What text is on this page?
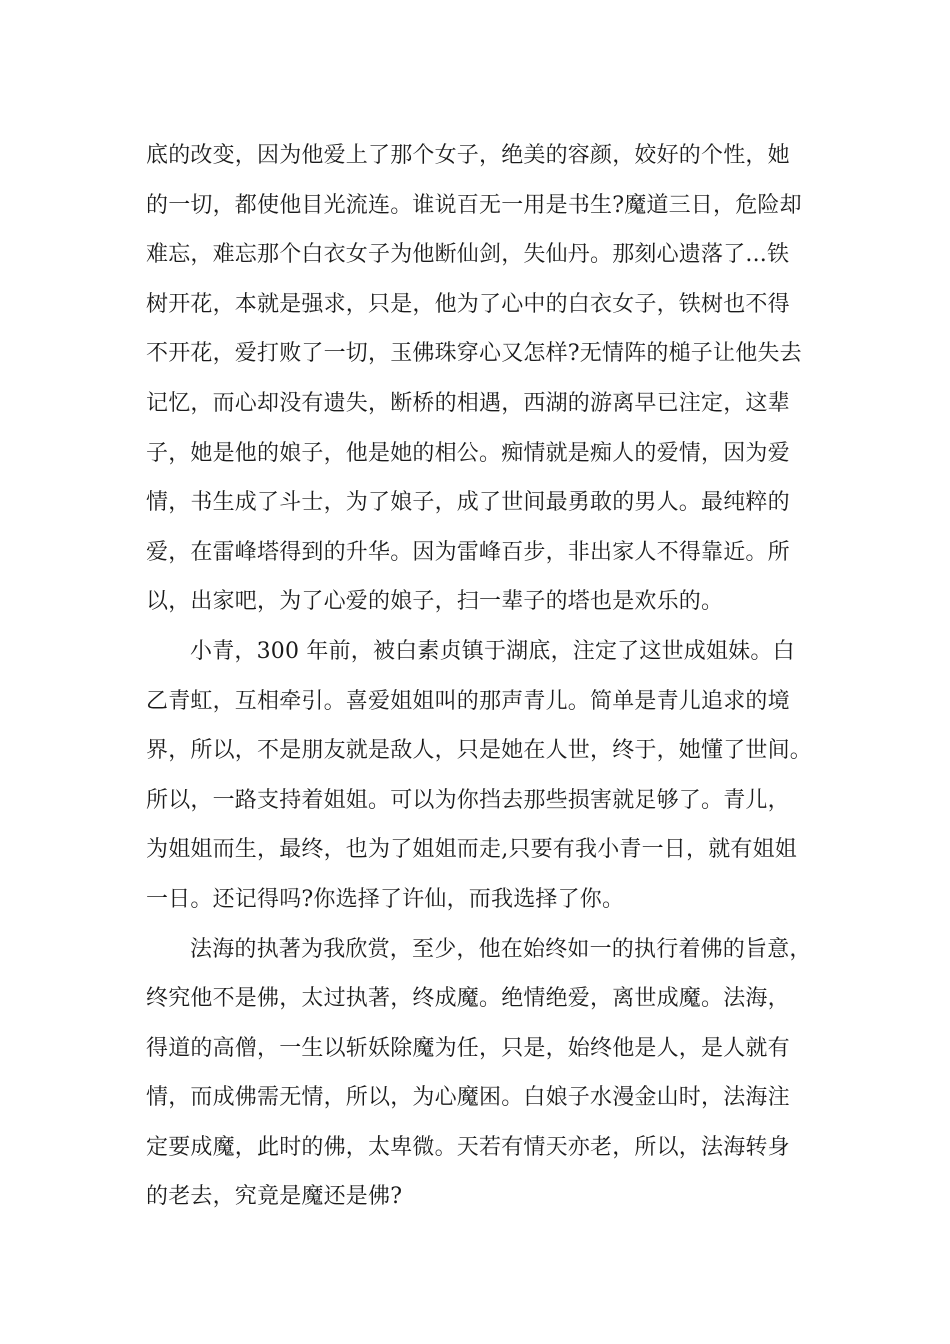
底的改变，因为他爱上了那个女子，绝美的容颜，姣好的个性，她
的一切，都使他目光流连。谁说百无一用是书生?魔道三日，危险却
难忘，难忘那个白衣女子为他断仙剑，失仙丹。那刻心遗落了...铁
树开花，本就是强求，只是，他为了心中的白衣女子，铁树也不得
不开花，爱打败了一切，玉佛珠穿心又怎样?无情阵的槌子让他失去
记忆，而心却没有遗失，断桥的相遇，西湖的游离早已注定，这辈
子，她是他的娘子，他是她的相公。痴情就是痴人的爱情，因为爱
情，书生成了斗士，为了娘子，成了世间最勇敢的男人。最纯粹的
爱，在雷峰塔得到的升华。因为雷峰百步，非出家人不得靠近。所
以，出家吧，为了心爱的娘子，扫一辈子的塔也是欢乐的。
小青，300 年前，被白素贞镇于湖底，注定了这世成姐妹。白
乙青虹，互相牵引。喜爱姐姐叫的那声青儿。简单是青儿追求的境
界，所以，不是朋友就是敌人，只是她在人世，终于，她懂了世间。
所以，一路支持着姐姐。可以为你挡去那些损害就足够了。青儿，
为姐姐而生，最终，也为了姐姐而走,只要有我小青一日，就有姐姐
一日。还记得吗?你选择了许仙，而我选择了你。
法海的执著为我欣赏，至少，他在始终如一的执行着佛的旨意，
终究他不是佛，太过执著，终成魔。绝情绝爱，离世成魔。法海，
得道的高僧，一生以斩妖除魔为任，只是，始终他是人，是人就有
情，而成佛需无情，所以，为心魔困。白娘子水漫金山时，法海注
定要成魔，此时的佛，太卑微。天若有情天亦老，所以，法海转身
的老去，究竟是魔还是佛?
